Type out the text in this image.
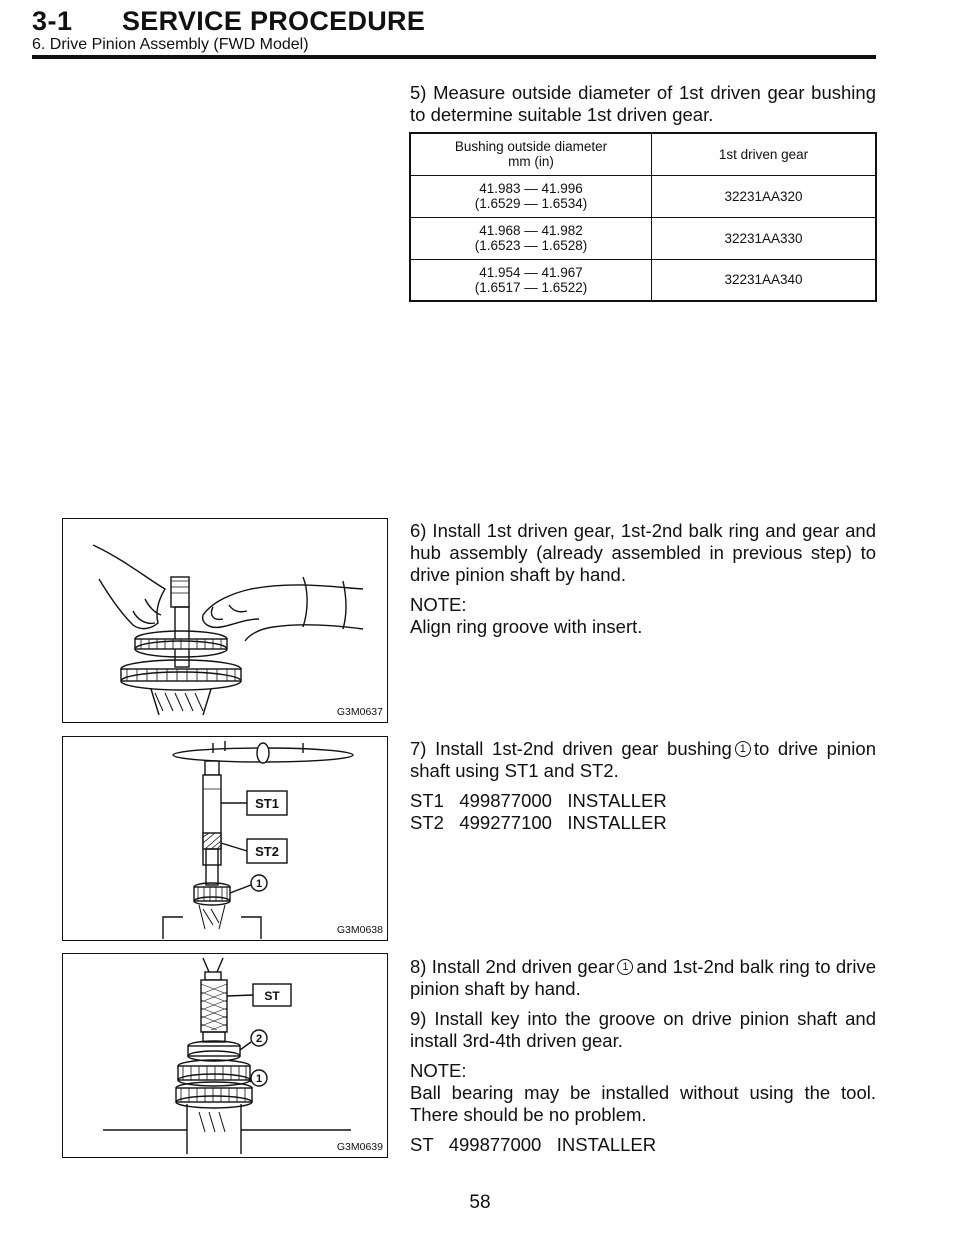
3-1 SERVICE PROCEDURE
6. Drive Pinion Assembly (FWD Model)
5) Measure outside diameter of 1st driven gear bushing to determine suitable 1st driven gear.
Bushing outside diameter
mm (in)	1st driven gear

41.983 — 41.996
(1.6529 — 1.6534)	32231AA320

41.968 — 41.982
(1.6523 — 1.6528)	32231AA330

41.954 — 41.967
(1.6517 — 1.6522)	32231AA340
G3M0637
ST1
ST2
1
G3M0638
ST
2
1
G3M0639
6) Install 1st driven gear, 1st-2nd balk ring and gear and hub assembly (already assembled in previous step) to drive pinion shaft by hand.
NOTE:
Align ring groove with insert.
7) Install 1st-2nd driven gear bushing 1 to drive pinion shaft using ST1 and ST2.
ST1   499877000   INSTALLER
ST2   499277100   INSTALLER
8) Install 2nd driven gear 1 and 1st-2nd balk ring to drive pinion shaft by hand.
9) Install key into the groove on drive pinion shaft and install 3rd-4th driven gear.
NOTE:
Ball bearing may be installed without using the tool. There should be no problem.
ST   499877000   INSTALLER
58
